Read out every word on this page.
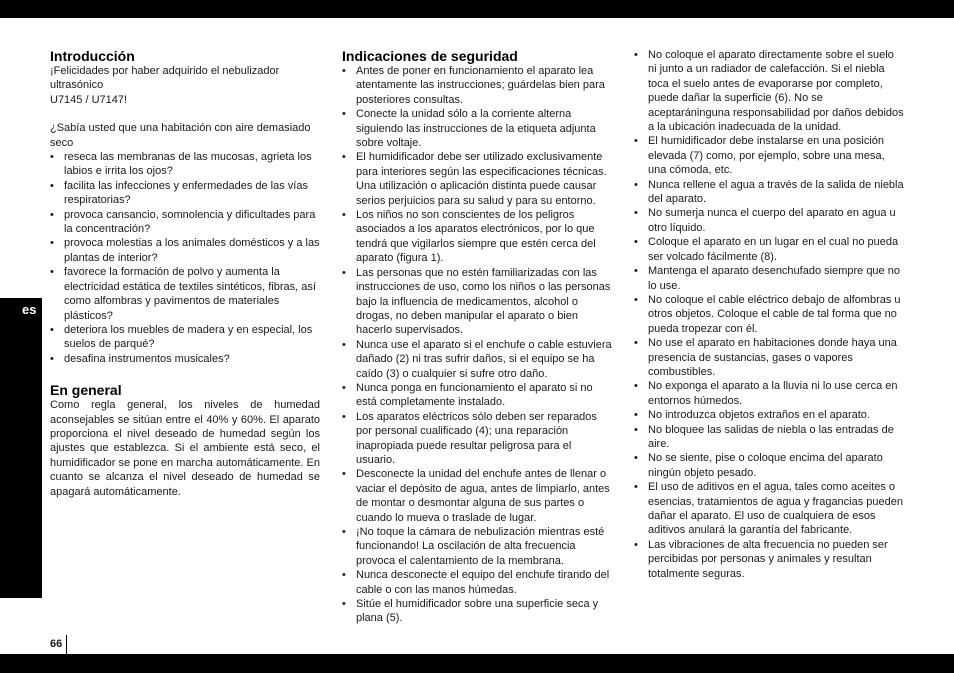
es
66
Introducción

¡Felicidades por haber adquirido el nebulizador ultrasónico

U7145 / U7147!

¿Sabía usted que una habitación con aire demasiado seco

• reseca las membranas de las mucosas, agrieta los labios e irrita los ojos?
• facilita las infecciones y enfermedades de las vías respiratorias?
• provoca cansancio, somnolencia y dificultades para la concentración?
• provoca molestias a los animales domésticos y a las plantas de interior?
• favorece la formación de polvo y aumenta la electricidad estática de textiles sintéticos, fibras, así como alfombras y pavimentos de materiales plásticos?
• deteriora los muebles de madera y en especial, los suelos de parqué?
• desafina instrumentos musicales?
En general

Como regla general, los niveles de humedad aconsejables se sitúan entre el 40% y 60%. El aparato proporciona el nivel deseado de humedad según los ajustes que establezca. Si el ambiente está seco, el humidificador se pone en marcha automáticamente. En cuanto se alcanza el nivel deseado de humedad se apagará automáticamente.

Indicaciones de seguridad
• Antes de poner en funcionamiento el aparato lea atentamente las instrucciones; guárdelas bien para posteriores consultas.
• Conecte la unidad sólo a la corriente alterna siguiendo las instrucciones de la etiqueta adjunta sobre voltaje.
• El humidificador debe ser utilizado exclusivamente para interiores según las especificaciones técnicas. Una utilización o aplicación distinta puede causar serios perjuicios para su salud y para su entorno.
• Los niños no son conscientes de los peligros asociados a los aparatos electrónicos, por lo que tendrá que vigilarlos siempre que estén cerca del aparato (figura 1).
• Las personas que no estén familiarizadas con las instrucciones de uso, como los niños o las personas bajo la influencia de medicamentos, alcohol o drogas, no deben manipular el aparato o bien hacerlo supervisados.
• Nunca use el aparato si el enchufe o cable estuviera dañado (2) ni tras sufrir daños, si el equipo se ha caído (3) o cualquier si sufre otro daño.
• Nunca ponga en funcionamiento el aparato si no está completamente instalado.
• Los aparatos eléctricos sólo deben ser reparados por personal cualificado (4); una reparación inapropiada puede resultar peligrosa para el usuario.
• Desconecte la unidad del enchufe antes de llenar o vaciar el depósito de agua, antes de limpiarlo, antes de montar o desmontar alguna de sus partes o cuando lo mueva o traslade de lugar.
• ¡No toque la cámara de nebulización mientras esté funcionando! La oscilación de alta frecuencia provoca el calentamiento de la membrana.
• Nunca desconecte el equipo del enchufe tirando del cable o con las manos húmedas.
• Sitúe el humidificador sobre una superficie seca y plana (5).
• No coloque el aparato directamente sobre el suelo ni junto a un radiador de calefacción. Si el niebla toca el suelo antes de evaporarse por completo, puede dañar la superficie (6). No se aceptaráninguna responsabilidad por daños debidos a la ubicación inadecuada de la unidad.
• El humidificador debe instalarse en una posición elevada (7) como, por ejemplo, sobre una mesa, una cómoda, etc.
• Nunca rellene el agua a través de la salida de niebla del aparato.
• No sumerja nunca el cuerpo del aparato en agua u otro líquido.
• Coloque el aparato en un lugar en el cual no pueda ser volcado fácilmente (8).
• Mantenga el aparato desenchufado siempre que no lo use.
• No coloque el cable eléctrico debajo de alfombras u otros objetos. Coloque el cable de tal forma que no pueda tropezar con él.
• No use el aparato en habitaciones donde haya una presencia de sustancias, gases o vapores combustibles.
• No exponga el aparato a la lluvia ni lo use cerca en entornos húmedos.
• No introduzca objetos extraños en el aparato.
• No bloquee las salidas de niebla o las entradas de aire.
• No se siente, pise o coloque encima del aparato ningún objeto pesado.
• El uso de aditivos en el agua, tales como aceites o esencias, tratamientos de agua y fragancias pueden dañar el aparato. El uso de cualquiera de esos aditivos anulará la garantía del fabricante.
• Las vibraciones de alta frecuencia no pueden ser percibidas por personas y animales y resultan totalmente seguras.
